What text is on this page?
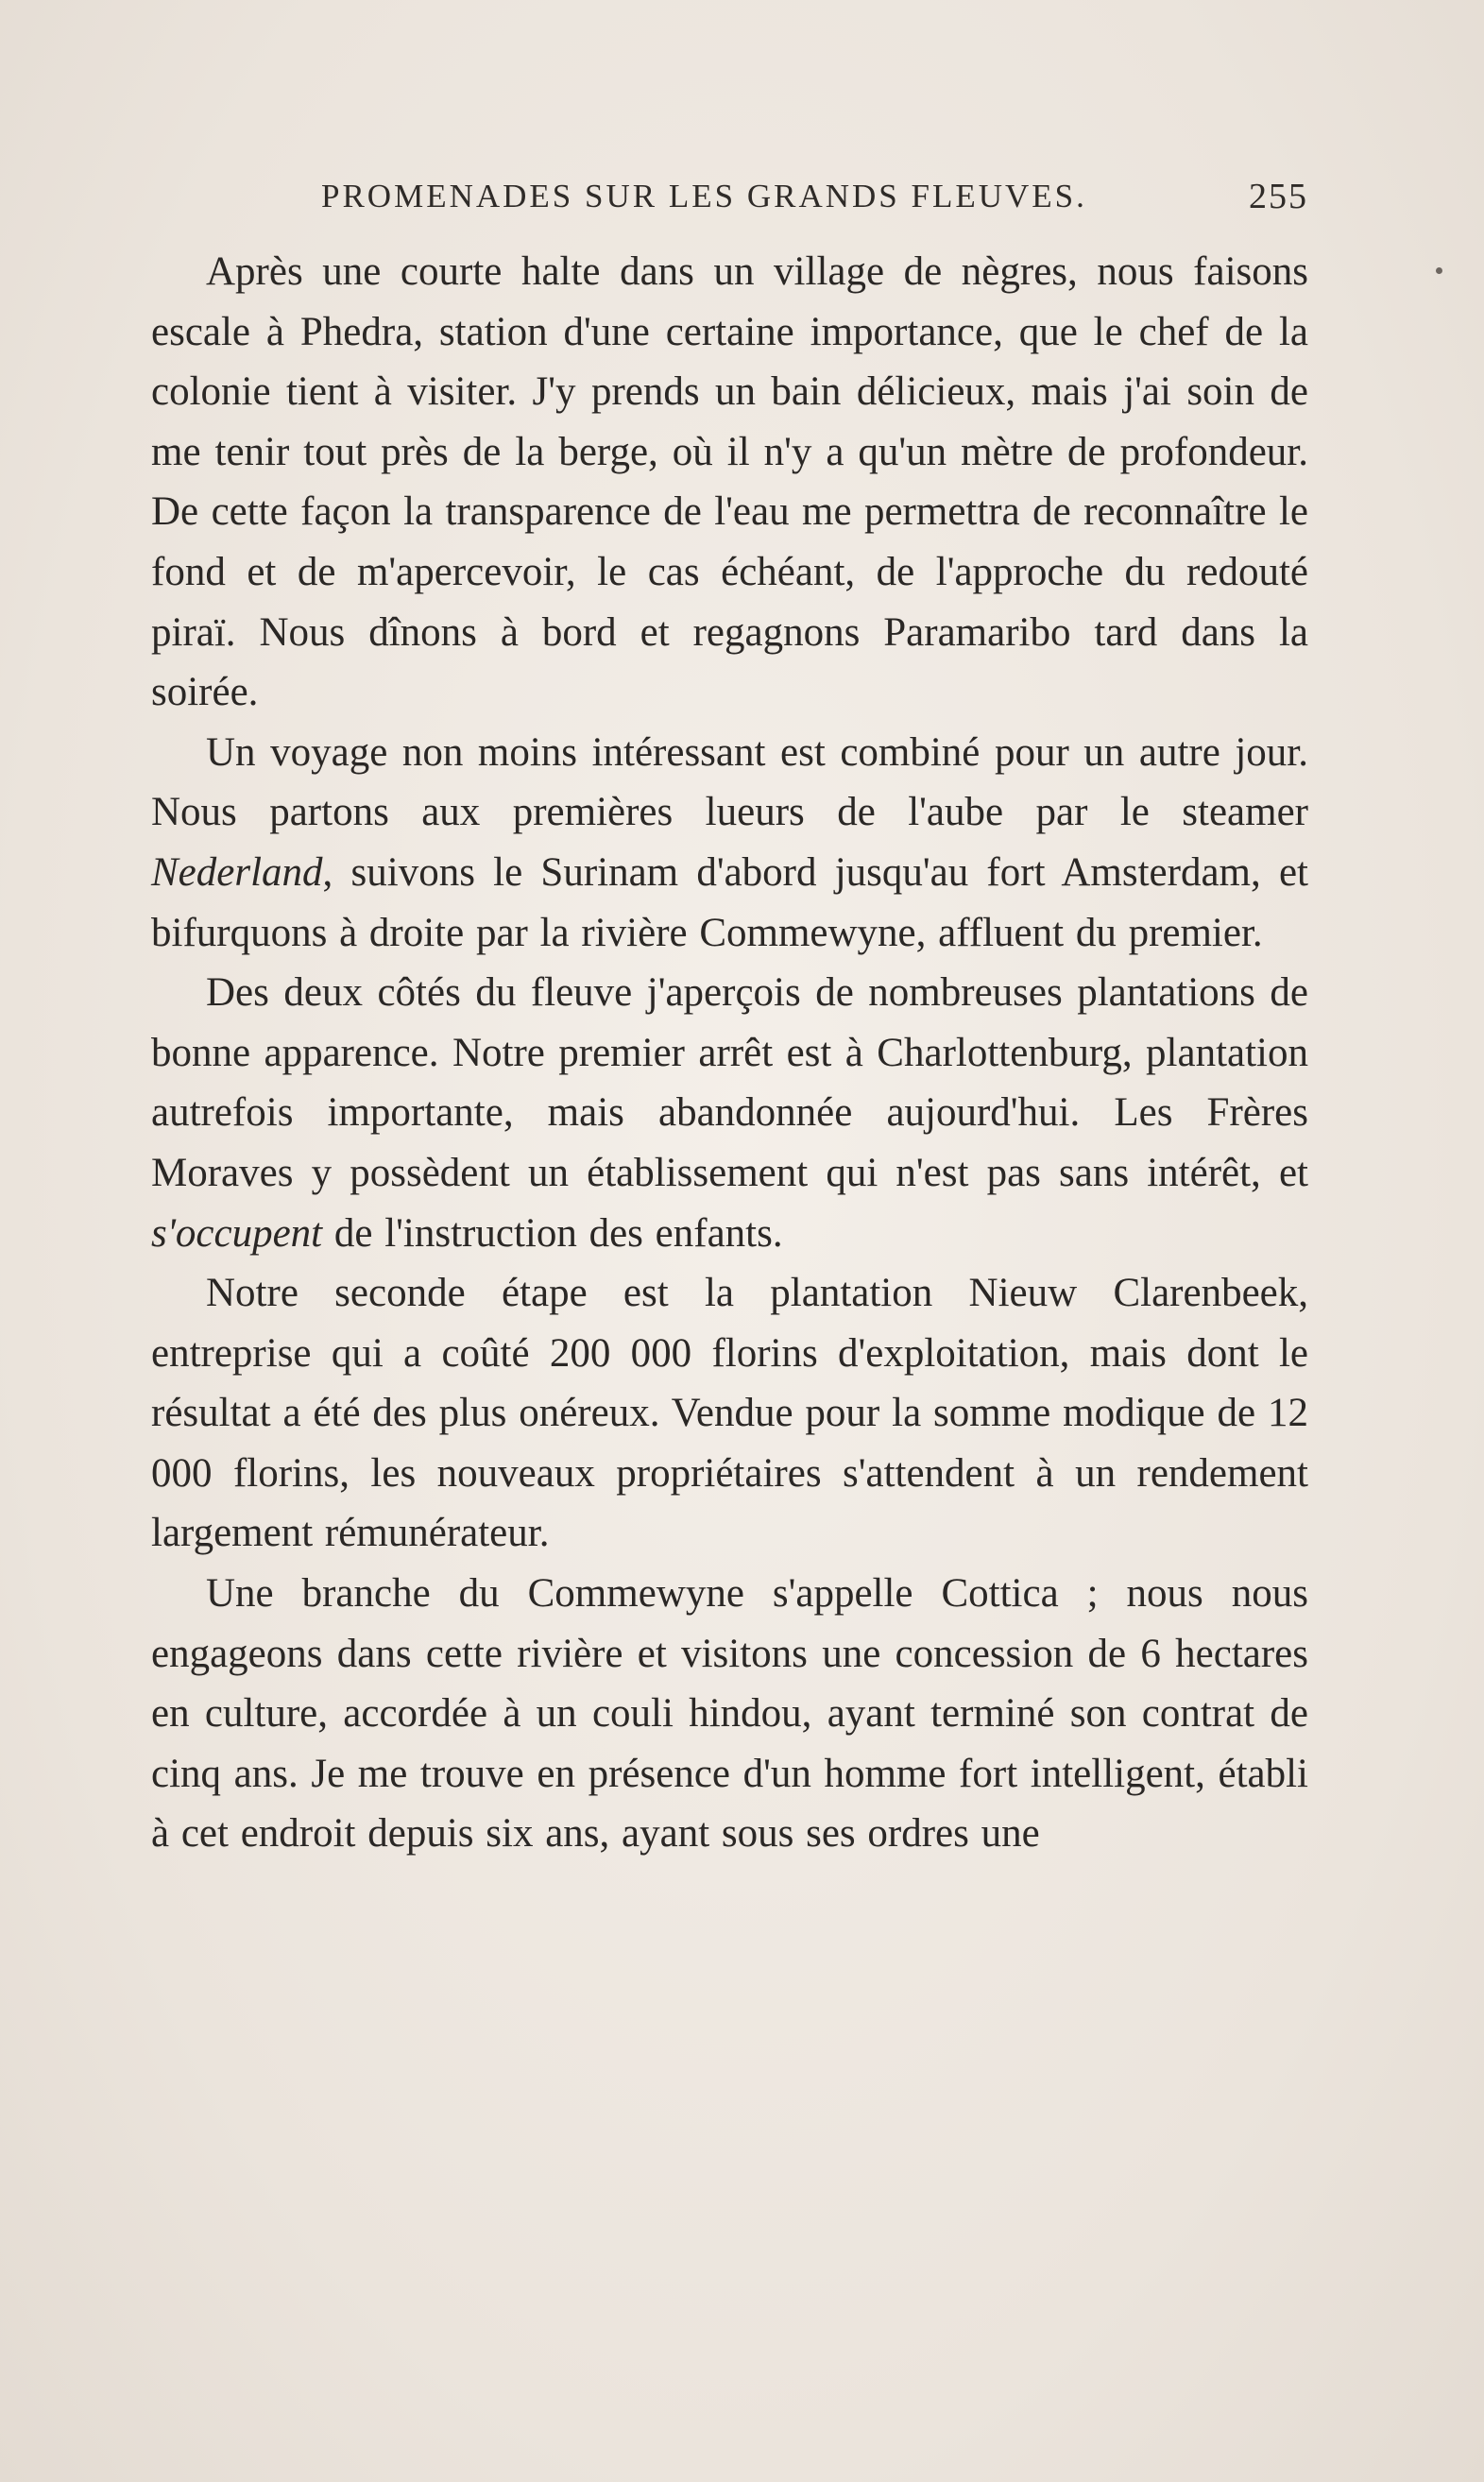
PROMENADES SUR LES GRANDS FLEUVES.	255

Après une courte halte dans un village de nègres, nous faisons escale à Phedra, station d'une certaine importance, que le chef de la colonie tient à visiter. J'y prends un bain délicieux, mais j'ai soin de me tenir tout près de la berge, où il n'y a qu'un mètre de profondeur. De cette façon la transparence de l'eau me permettra de reconnaître le fond et de m'apercevoir, le cas échéant, de l'approche du redouté piraï. Nous dînons à bord et regagnons Paramaribo tard dans la soirée.

Un voyage non moins intéressant est combiné pour un autre jour. Nous partons aux premières lueurs de l'aube par le steamer Nederland, suivons le Surinam d'abord jusqu'au fort Amsterdam, et bifurquons à droite par la rivière Commewyne, affluent du premier.

Des deux côtés du fleuve j'aperçois de nombreuses plantations de bonne apparence. Notre premier arrêt est à Charlottenburg, plantation autrefois importante, mais abandonnée aujourd'hui. Les Frères Moraves y possèdent un établissement qui n'est pas sans intérêt, et s'occupent de l'instruction des enfants.

Notre seconde étape est la plantation Nieuw Clarenbeek, entreprise qui a coûté 200 000 florins d'exploitation, mais dont le résultat a été des plus onéreux. Vendue pour la somme modique de 12 000 florins, les nouveaux propriétaires s'attendent à un rendement largement rémunérateur.

Une branche du Commewyne s'appelle Cottica ; nous nous engageons dans cette rivière et visitons une concession de 6 hectares en culture, accordée à un couli hindou, ayant terminé son contrat de cinq ans. Je me trouve en présence d'un homme fort intelligent, établi à cet endroit depuis six ans, ayant sous ses ordres une
